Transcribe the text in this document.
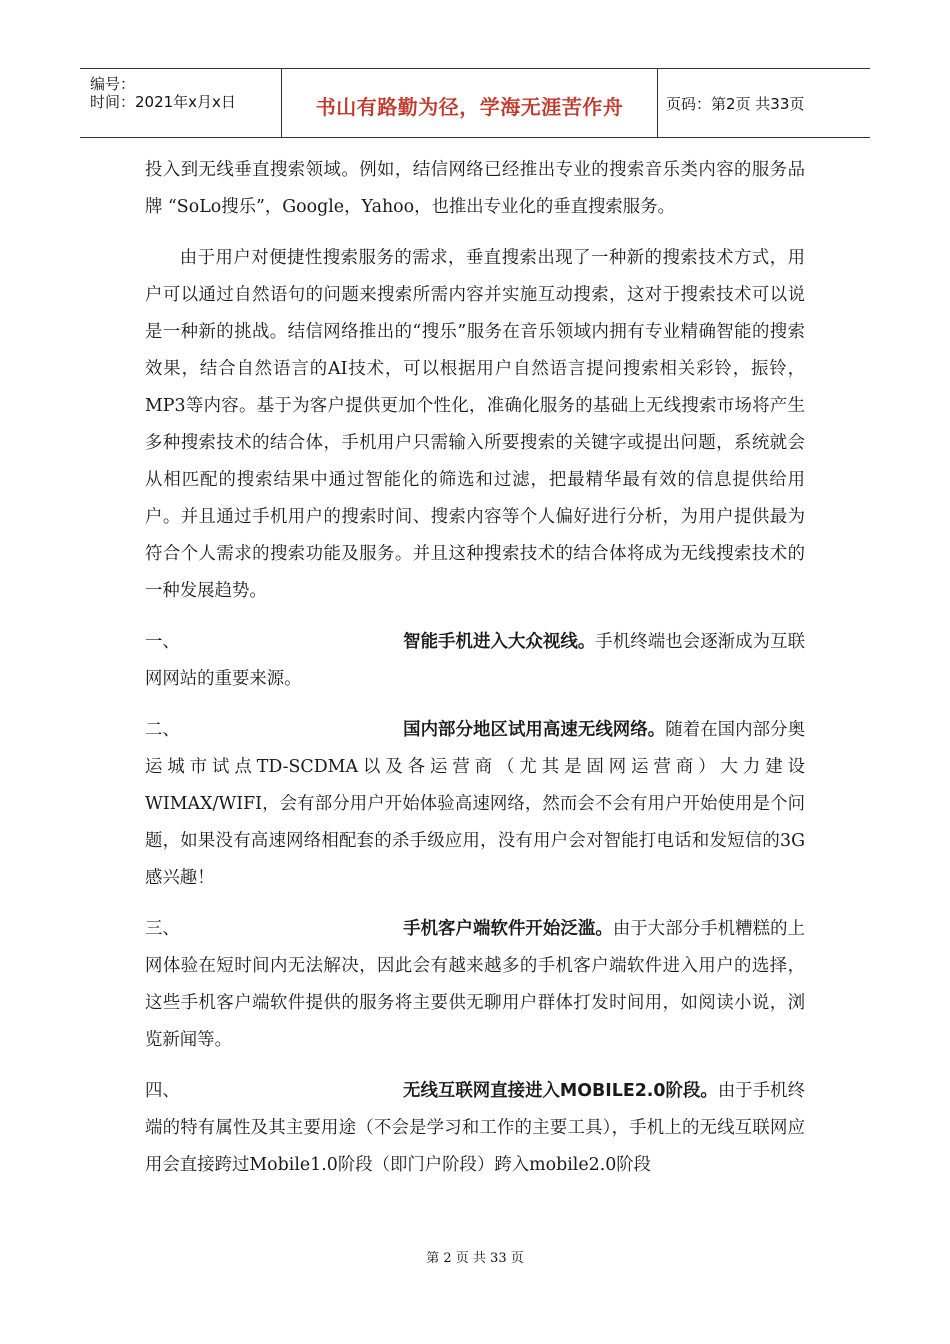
编号：
时间：2021年x月x日	书山有路勤为径，学海无涯苦作舟	页码：第2页 共33页

投入到无线垂直搜索领域。例如，结信网络已经推出专业的搜索音乐类内容的服务品牌 “SoLo搜乐”，Google，Yahoo，也推出专业化的垂直搜索服务。

由于用户对便捷性搜索服务的需求，垂直搜索出现了一种新的搜索技术方式，用户可以通过自然语句的问题来搜索所需内容并实施互动搜索，这对于搜索技术可以说是一种新的挑战。结信网络推出的“搜乐”服务在音乐领域内拥有专业精确智能的搜索效果，结合自然语言的AI技术，可以根据用户自然语言提问搜索相关彩铃，振铃，MP3等内容。基于为客户提供更加个性化，准确化服务的基础上无线搜索市场将产生多种搜索技术的结合体，手机用户只需输入所要搜索的关键字或提出问题，系统就会从相匹配的搜索结果中通过智能化的筛选和过滤，把最精华最有效的信息提供给用户。并且通过手机用户的搜索时间、搜索内容等个人偏好进行分析，为用户提供最为符合个人需求的搜索功能及服务。并且这种搜索技术的结合体将成为无线搜索技术的一种发展趋势。

一、	智能手机进入大众视线。手机终端也会逐渐成为互联网网站的重要来源。

二、	国内部分地区试用高速无线网络。随着在国内部分奥运城市试点TD-SCDMA以及各运营商（尤其是固网运营商）大力建设WIMAX/WIFI，会有部分用户开始体验高速网络，然而会不会有用户开始使用是个问题，如果没有高速网络相配套的杀手级应用，没有用户会对智能打电话和发短信的3G感兴趣！

三、	手机客户端软件开始泛滥。由于大部分手机糟糕的上网体验在短时间内无法解决，因此会有越来越多的手机客户端软件进入用户的选择，这些手机客户端软件提供的服务将主要供无聊用户群体打发时间用，如阅读小说，浏览新闻等。

四、	无线互联网直接进入MOBILE2.0阶段。由于手机终端的特有属性及其主要用途（不会是学习和工作的主要工具），手机上的无线互联网应用会直接跨过Mobile1.0阶段（即门户阶段）跨入mobile2.0阶段

第 2 页 共 33 页
